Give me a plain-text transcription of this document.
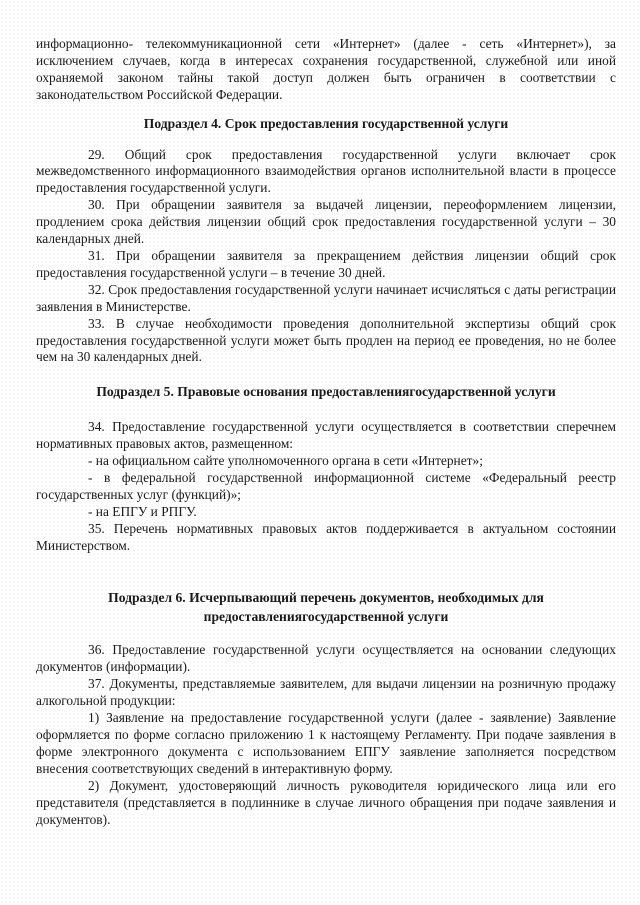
информационно- телекоммуникационной сети «Интернет» (далее - сеть «Интернет»), за исключением случаев, когда в интересах сохранения государственной, служебной или иной охраняемой законом тайны такой доступ должен быть ограничен в соответствии с законодательством Российской Федерации.

Подраздел 4. Срок предоставления государственной услуги

29. Общий срок предоставления государственной услуги включает срок межведомственного информационного взаимодействия органов исполнительной власти в процессе предоставления государственной услуги.

30. При обращении заявителя за выдачей лицензии, переоформлением лицензии, продлением срока действия лицензии общий срок предоставления государственной услуги – 30 календарных дней.

31. При обращении заявителя за прекращением действия лицензии общий срок предоставления государственной услуги – в течение 30 дней.

32. Срок предоставления государственной услуги начинает исчисляться с даты регистрации заявления в Министерстве.

33. В случае необходимости проведения дополнительной экспертизы общий срок предоставления государственной услуги может быть продлен на период ее проведения, но не более чем на 30 календарных дней.

Подраздел 5. Правовые основания предоставлениягосударственной услуги

34. Предоставление государственной услуги осуществляется в соответствии сперечнем нормативных правовых актов, размещенном:

- на официальном сайте уполномоченного органа в сети «Интернет»;

- в федеральной государственной информационной системе «Федеральный реестр государственных услуг (функций)»;

- на ЕПГУ и РПГУ.

35. Перечень нормативных правовых актов поддерживается в актуальном состоянии Министерством.

Подраздел 6. Исчерпывающий перечень документов, необходимых для
предоставлениягосударственной услуги

36. Предоставление государственной услуги осуществляется на основании следующих документов (информации).

37. Документы, представляемые заявителем, для выдачи лицензии на розничную продажу алкогольной продукции:

1) Заявление на предоставление государственной услуги (далее - заявление) Заявление оформляется по форме согласно приложению 1 к настоящему Регламенту. При подаче заявления в форме электронного документа с использованием ЕПГУ заявление заполняется посредством внесения соответствующих сведений в интерактивную форму.

2) Документ, удостоверяющий личность руководителя юридического лица или его представителя (представляется в подлиннике в случае личного обращения при подаче заявления и документов).
